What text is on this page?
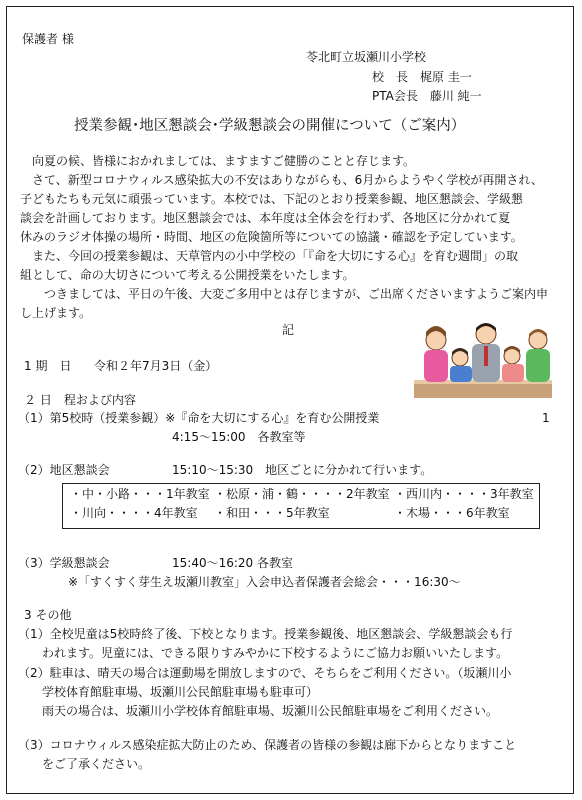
保護者 様
苓北町立坂瀬川小学校
校　長　梶原 圭一
PTA会長　藤川 純一
授業参観･地区懇談会･学級懇談会の開催について（ご案内）
　向夏の候、皆様におかれましては、ますますご健勝のことと存じます。
　さて、新型コロナウィルス感染拡大の不安はありながらも、6月からようやく学校が再開され、
子どもたちも元気に頑張っています。本校では、下記のとおり授業参観、地区懇談会、学級懇
談会を計画しております。地区懇談会では、本年度は全体会を行わず、各地区に分かれて夏
休みのラジオ体操の場所・時間、地区の危険箇所等についての協議・確認を予定しています。
　また、今回の授業参観は、天草管内の小中学校の「『命を大切にする心』を育む週間」の取
組として、命の大切さについて考える公開授業をいたします。
　　つきましては、平日の午後、大変ご多用中とは存じますが、ご出席くださいますようご案内申
し上げます。
記
1 期　日 令和２年7月3日（金）
２ 日　程および内容
（1）第5校時（授業参観）※『命を大切にする心』を育む公開授業	1
4:15～15:00　各教室等
（2）地区懇談会	15:10～15:30　地区ごとに分かれて行います。
・中・小路・・・1年教室 ・松原・浦・鶴・・・・2年教室 ・西川内・・・・3年教室
・川向・・・・4年教室 ・和田・・・5年教室	・木場・・・6年教室
（3）学級懇談会	15:40～16:20 各教室
※「すくすく芽生え坂瀬川教室」入会申込者保護者会総会・・・16:30～
3 その他
（1）全校児童は5校時終了後、下校となります。授業参観後、地区懇談会、学級懇談会も行
　　われます。児童には、できる限りすみやかに下校するようにご協力お願いいたします。
（2）駐車は、晴天の場合は運動場を開放しますので、そちらをご利用ください。（坂瀬川小
　　学校体育館駐車場、坂瀬川公民館駐車場も駐車可）
　　雨天の場合は、坂瀬川小学校体育館駐車場、坂瀬川公民館駐車場をご利用ください。
（3）コロナウィルス感染症拡大防止のため、保護者の皆様の参観は廊下からとなりますこと
　　をご了承ください。
